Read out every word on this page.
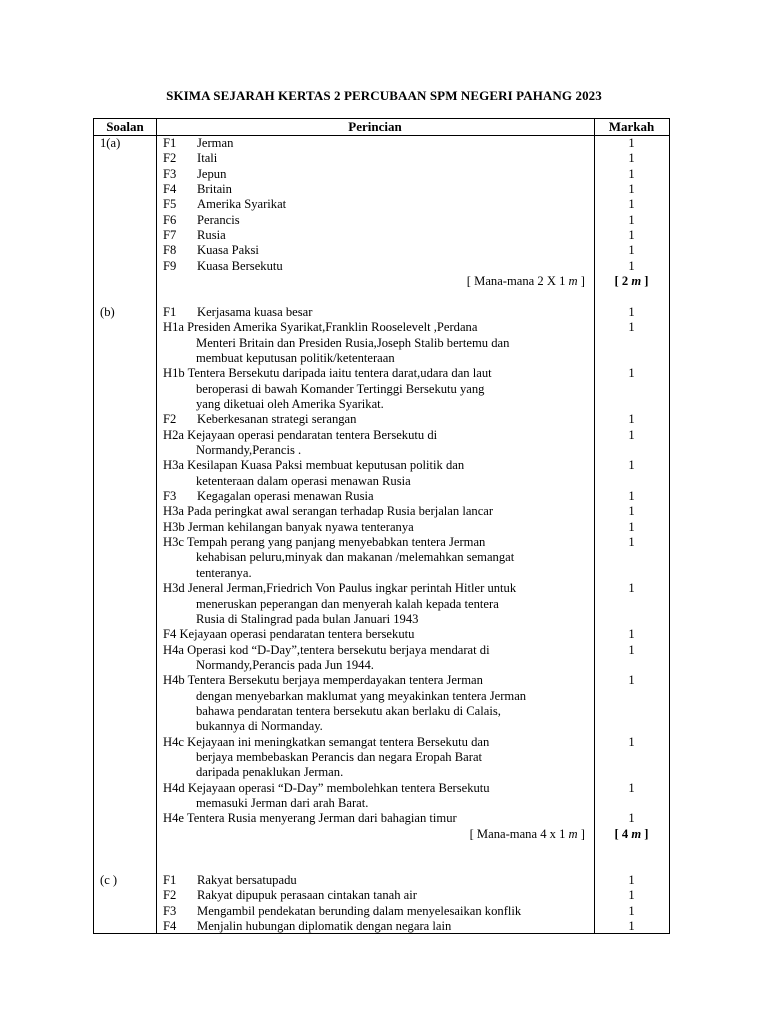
SKIMA SEJARAH KERTAS 2 PERCUBAAN SPM NEGERI PAHANG 2023
Soalan	Perincian	Markah
1(a)	F1 Jerman	1
F2 Itali	1
F3 Jepun	1
F4 Britain	1
F5 Amerika Syarikat	1
F6 Perancis	1
F7 Rusia	1
F8 Kuasa Paksi	1
F9 Kuasa Bersekutu	1
[ Mana-mana 2 X 1 m ]	[ 2 m ]
(b)	F1 Kerjasama kuasa besar	1
H1a Presiden Amerika Syarikat,Franklin Rooselevelt ,Perdana	1
Menteri Britain dan Presiden Rusia,Joseph Stalib bertemu dan
membuat keputusan politik/ketenteraan
H1b Tentera Bersekutu daripada iaitu tentera darat,udara dan laut	1
beroperasi di bawah Komander Tertinggi Bersekutu yang
yang diketuai oleh Amerika Syarikat.
F2 Keberkesanan strategi serangan	1
H2a Kejayaan operasi pendaratan tentera Bersekutu di	1
Normandy,Perancis .
H3a Kesilapan Kuasa Paksi membuat keputusan politik dan	1
ketenteraan dalam operasi menawan Rusia
F3 Kegagalan operasi menawan Rusia	1
H3a Pada peringkat awal serangan terhadap Rusia berjalan lancar	1
H3b Jerman kehilangan banyak nyawa tenteranya	1
H3c Tempah perang yang panjang menyebabkan tentera Jerman	1
kehabisan peluru,minyak dan makanan /melemahkan semangat
tenteranya.
H3d Jeneral Jerman,Friedrich Von Paulus ingkar perintah Hitler untuk	1
meneruskan peperangan dan menyerah kalah kepada tentera
Rusia di Stalingrad pada bulan Januari 1943
F4 Kejayaan operasi pendaratan tentera bersekutu	1
H4a Operasi kod “D-Day”,tentera bersekutu berjaya mendarat di	1
Normandy,Perancis pada Jun 1944.
H4b Tentera Bersekutu berjaya memperdayakan tentera Jerman	1
dengan menyebarkan maklumat yang meyakinkan tentera Jerman
bahawa pendaratan tentera bersekutu akan berlaku di Calais,
bukannya di Normanday.
H4c Kejayaan ini meningkatkan semangat tentera Bersekutu dan	1
berjaya membebaskan Perancis dan negara Eropah Barat
daripada penaklukan Jerman.
H4d Kejayaan operasi “D-Day” membolehkan tentera Bersekutu	1
memasuki Jerman dari arah Barat.
H4e Tentera Rusia menyerang Jerman dari bahagian timur	1
[ Mana-mana 4 x 1 m ]	[ 4 m ]
(c )	F1 Rakyat bersatupadu	1
F2 Rakyat dipupuk perasaan cintakan tanah air	1
F3 Mengambil pendekatan berunding dalam menyelesaikan konflik	1
F4 Menjalin hubungan diplomatik dengan negara lain	1
